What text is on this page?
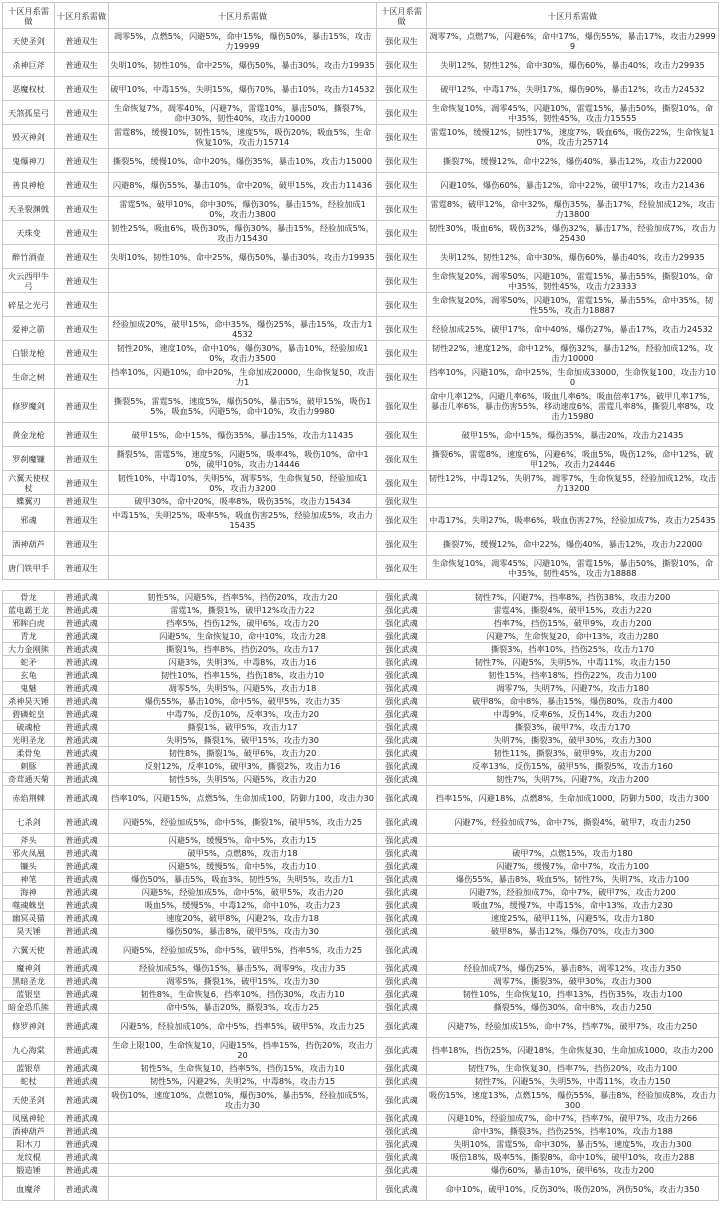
十区月系需做	十区月系需做	十区月系需做	十区月系需做	十区月系需做
天使圣剑	普通双生	凋零5%，点燃5%，闪避5%，命中15%，爆伤50%，暴击15%，攻击力19999	强化双生	凋零7%，点燃7%，闪避6%，命中17%，爆伤55%，暴击17%，攻击力29999
杀神巨斧	普通双生	失明10%，韧性10%，命中25%，爆伤50%，暴击30%，攻击力19935	强化双生	失明12%，韧性12%，命中30%，爆伤60%，暴击40%，攻击力29935
恶魔权杖	普通双生	破甲10%，中毒15%，失明15%，爆伤70%，暴击10%，攻击力14532	强化双生	破甲12%，中毒17%，失明17%，爆伤90%，暴击12%，攻击力24532
天煞孤星弓	普通双生	生命恢复7%，凋零40%，闪避7%，雷霆10%，暴击50%，撕裂7%，命中30%，韧性40%，攻击力10000	强化双生	生命恢复10%，凋零45%，闪避10%，雷霆15%，暴击50%，撕裂10%，命中35%，韧性45%，攻击力15555
毁灭神剑	普通双生	雷霆8%，缓慢10%，韧性15%，速度5%，吸伤20%，吸血5%，生命恢复10%，攻击力15714	强化双生	雷霆10%，缓慢12%，韧性17%，速度7%，吸血6%，吸伤22%，生命恢复10%，攻击力25714
鬼爆神刀	普通双生	撕裂5%，缓慢10%，命中20%，爆伤35%，暴击10%，攻击力15000	强化双生	撕裂7%，缓慢12%，命中22%，爆伤40%，暴击12%，攻击力22000
善良神枪	普通双生	闪避8%，爆伤55%，暴击10%，命中20%，破甲15%，攻击力11436	强化双生	闪避10%，爆伤60%，暴击12%，命中22%，破甲17%，攻击力21436
天圣裂渊戟	普通双生	雷霆5%，破甲10%，命中30%，爆伤30%，暴击15%，经验加成10%，攻击力3800	强化双生	雷霆8%，破甲12%，命中32%，爆伤35%，暴击17%，经验加成12%，攻击力13800
天珠变	普通双生	韧性25%，吸血6%，吸伤30%，爆伤30%，暴击15%，经验加成5%，攻击力15430	强化双生	韧性30%，吸血6%，吸伤32%，爆伤32%，暴击17%，经验加成7%，攻击力25430
醉竹酒壶	普通双生	失明10%，韧性10%，命中25%，爆伤50%，暴击30%，攻击力19935	强化双生	失明12%，韧性12%，命中30%，爆伤60%，暴击40%，攻击力29935
火云西甲牛弓	普通双生		强化双生	生命恢复20%，凋零50%，闪避10%，雷霆15%，暴击55%，撕裂10%，命中35%，韧性45%，攻击力23333
碎星之光弓	普通双生		强化双生	生命恢复20%，凋零50%，闪避10%，雷霆15%，暴击55%，命中35%，韧性55%，攻击力18887
爱神之箭	普通双生	经验加成20%，破甲15%，命中35%，爆伤25%，暴击15%，攻击力14532	强化双生	经验加成25%，破甲17%，命中40%，爆伤27%，暴击17%，攻击力24532
白银龙枪	普通双生	韧性20%，速度10%，命中10%，爆伤30%，暴击10%，经验加成10%，攻击力3500	强化双生	韧性22%，速度12%，命中12%，爆伤32%，暴击12%，经验加成12%，攻击力10000
生命之树	普通双生	挡率10%，闪避10%，命中20%，生命加成20000，生命恢复50，攻击力1	强化双生	挡率10%，闪避10%，命中25%，生命加成33000，生命恢复100，攻击力100
修罗魔剑	普通双生	撕裂5%，雷霆5%，速度5%，爆伤50%，暴击5%，破甲15%，吸伤15%，吸血5%，闪避5%，命中10%，攻击力9980	强化双生	命中几率12%，闪避几率6%，吸血几率6%，吸血倍率17%，破甲几率17%，暴击几率6%，暴击伤害55%，移动速度6%，雷霆几率8%，撕裂几率8%，攻击力15980
黄金龙枪	普通双生	破甲15%，命中15%，爆伤35%，暴击15%，攻击力11435	强化双生	破甲15%，命中15%，爆伤35%，暴击20%，攻击力21435
罗刹魔镰	普通双生	撕裂5%，雷霆5%，速度5%，闪避5%，吸率4%，吸伤10%，命中10%，破甲10%，攻击力14446	强化双生	撕裂6%，雷霆8%，速度6%，闪避6%，吸血5%，吸伤12%，命中12%，破甲12%，攻击力24446
六翼天使权杖	普通双生	韧性10%，中毒10%，失明5%，凋零5%，生命恢复50，经验加成10%，攻击力3200	强化双生	韧性12%，中毒12%，失明7%，凋零7%，生命恢复55，经验加成12%，攻击力13200
蝶翼刃	普通双生	破甲30%，命中20%，吸率8%，吸伤35%，攻击力15434	强化双生	
邪魂	普通双生	中毒15%，失明25%，吸率5%，吸血伤害25%，经验加成5%，攻击力15435	强化双生	中毒17%，失明27%，吸率6%，吸血伤害27%，经验加成7%，攻击力25435
酒神葫芦	普通双生		强化双生	撕裂7%，缓慢12%，命中22%，爆伤40%，暴击12%，攻击力22000
唐门铁甲手	普通双生		强化双生	生命恢复10%，凋零45%，闪避10%，雷霆15%，暴击50%，撕裂10%，命中35%，韧性45%，攻击力18888
骨龙	普通武魂	韧性5%，闪避5%，挡率5%，挡伤20%，攻击力20	强化武魂	韧性7%，闪避7%，挡率8%，挡伤38%，攻击力200
蓝电霸王龙	普通武魂	雷霆1%，撕裂1%，破甲12%攻击力22	强化武魂	雷霆4%，撕裂4%，破甲15%，攻击力220
邪眸白虎	普通武魂	挡率5%，挡伤12%，破甲6%，攻击力20	强化武魂	挡率7%，挡伤15%，破甲9%，攻击力200
青龙	普通武魂	闪避5%，生命恢复10，命中10%，攻击力28	强化武魂	闪避7%，生命恢复20，命中13%，攻击力280
大力金刚熊	普通武魂	撕裂1%，挡率8%，挡伤20%，攻击力17	强化武魂	撕裂3%，挡率10%，挡伤25%，攻击力170
蛇矛	普通武魂	闪避3%，失明3%，中毒8%，攻击力16	强化武魂	韧性7%，闪避5%，失明5%，中毒11%，攻击力150
玄龟	普通武魂	韧性10%，挡率15%，挡伤18%，攻击力10	强化武魂	韧性15%，挡率18%，挡伤22%，攻击力100
鬼魅	普通武魂	凋零5%，失明5%，闪避5%，攻击力18	强化武魂	凋零7%，失明7%，闪避7%，攻击力180
杀神昊天锤	普通武魂	爆伤55%，暴击10%，命中5%，破甲5%，攻击力35	强化武魂	破甲8%，命中8%，暴击15%，爆伤80%，攻击力400
碧磷蛇皇	普通武魂	中毒7%，反伤10%，反率3%，攻击力20	强化武魂	中毒9%，反率6%，反伤14%，攻击力200
破魂枪	普通武魂	撕裂1%，破甲5%，攻击力17	强化武魂	撕裂3%，破甲7%，攻击力170
光明圣龙	普通武魂	失明5%，撕裂1%，破甲15%，攻击力30	强化武魂	失明7%，撕裂3%，破甲30%，攻击力300
柔骨兔	普通武魂	韧性8%，撕裂1%，破甲6%，攻击力20	强化武魂	韧性11%，撕裂3%，破甲9%，攻击力200
刺豚	普通武魂	反射12%，反率10%，破甲3%，撕裂2%，攻击力16	强化武魂	反率13%，反伤15%，破甲5%，撕裂5%，攻击力160
奇茸通天菊	普通武魂	韧性5%，失明5%，闪避5%，攻击力20	强化武魂	韧性7%，失明7%，闪避7%，攻击力200
赤焰荆棘	普通武魂	挡率10%，闪避15%，点燃5%，生命加成100，防御力100，攻击力30	强化武魂	挡率15%，闪避18%，点燃8%，生命加成1000，防御力500，攻击力300
七杀剑	普通武魂	闪避5%，经验加成5%，命中5%，撕裂1%，破甲5%，攻击力25	强化武魂	闪避7%，经验加成7%，命中7%，撕裂4%，破甲7，攻击力250
斧头	普通武魂	闪避5%，缓慢5%，命中5%，攻击力15	强化武魂	
邪火凤凰	普通武魂	破甲5%，点燃8%，攻击力18	强化武魂	破甲7%，点燃15%，攻击力180
镰头	普通武魂	闪避5%，缓慢5%，命中5%，攻击力10	强化武魂	闪避7%，缓慢7%，命中7%，攻击力100
神笔	普通武魂	爆伤50%，暴击5%，吸血3%，韧性5%，失明5%，攻击力1	强化武魂	爆伤55%，暴击8%，吸血5%，韧性7%，失明7%，攻击力100
海神	普通武魂	闪避5%，经验加成5%，命中5%，破甲5%，攻击力20	强化武魂	闪避7%，经验加成7%，命中7%，破甲7%，攻击力200
噬魂蛛皇	普通武魂	吸血5%，缓慢5%，中毒12%，命中10%，攻击力23	强化武魂	吸血7%，缓慢7%，中毒15%，命中13%，攻击力230
幽冥灵猫	普通武魂	速度20%，破甲8%，闪避2%，攻击力18	强化武魂	速度25%，破甲11%，闪避5%，攻击力180
昊天锤	普通武魂	爆伤50%，暴击8%，破甲5%，攻击力30	强化武魂	破甲8%，暴击12%，爆伤70%，攻击力300
六翼天使	普通武魂	闪避5%，经验加成5%，命中5%，破甲5%，挡率5%，攻击力25	强化武魂	
魔神剑	普通武魂	经验加成5%，爆伤15%，暴击5%，凋零9%，攻击力35	强化武魂	经验加成7%，爆伤25%，暴击8%，凋零12%，攻击力350
黑暗圣龙	普通武魂	凋零5%，撕裂1%，破甲15%，攻击力30	强化武魂	凋零7%，撕裂3%，破甲30%，攻击力300
蓝银皇	普通武魂	韧性8%，生命恢复6，挡率10%，挡伤30%，攻击力10	强化武魂	韧性10%，生命恢复10，挡率13%，挡伤35%，攻击力100
暗金恐爪熊	普通武魂	命中5%，暴击20%，撕裂3%，攻击力25	强化武魂	撕裂5%，爆伤30%，命中8%，攻击力250
修罗神剑	普通武魂	闪避5%，经验加成10%，命中5%，挡率5%，破甲5%，攻击力25	强化武魂	闪避7%，经验加成15%，命中7%，挡率7%，破甲7%，攻击力250
九心海棠	普通武魂	生命上限100，生命恢复10，闪避15%，挡率15%，挡伤20%，攻击力20	强化武魂	挡率18%，挡伤25%，闪避18%，生命恢复30，生命加成1000，攻击力200
蓝银草	普通武魂	韧性5%，生命恢复10，挡率5%，挡伤15%，攻击力10	强化武魂	韧性7%，生命恢复30，挡率7%，挡伤20%，攻击力100
蛇杖	普通武魂	韧性5%，闪避2%，失明2%，中毒8%，攻击力15	强化武魂	韧性7%，闪避5%，失明5%，中毒11%，攻击力150
天使圣剑	普通武魂	吸伤10%，速度10%，点燃10%，爆伤30%，暴击5%，经验加成5%，攻击力30	强化武魂	吸伤15%，速度13%，点燃15%，爆伤55%，暴击8%，经验加成8%，攻击力300
凤凰神轮	普通武魂		强化武魂	闪避10%，经验加成7%，命中7%，挡率7%，破甲7%，攻击力266
酒神葫芦	普通武魂		强化武魂	命中3%，撕裂3%，挡伤25%，挡率10%，攻击力188
阳木刀	普通武魂		强化武魂	失明10%，雷霆5%，命中30%，暴击5%，速度5%，攻击力300
龙纹棍	普通武魂		强化武魂	吸倍18%，吸率5%，撕裂8%，命中10%，破甲10%，攻击力288
锻造锤	普通武魂		强化武魂	爆伤60%，暴击10%，破甲6%，攻击力200
血魔斧	普通武魂		强化武魂	命中10%，破甲10%，反伤30%，吸伤20%，冽伤50%，攻击力350
